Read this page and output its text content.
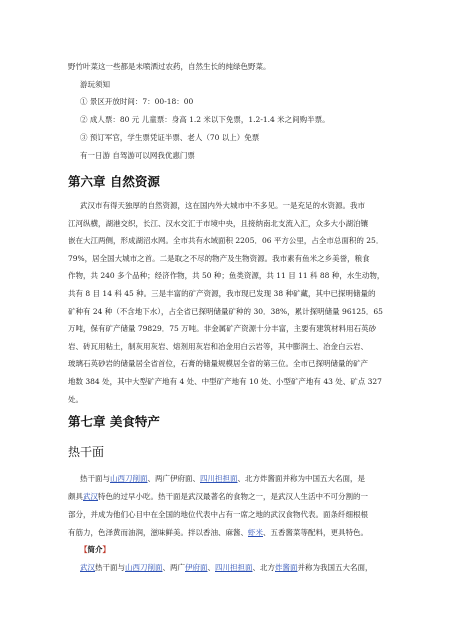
野竹叶菜这一些都是未喷洒过农药，自然生长的纯绿色野菜。
游玩须知
① 景区开放时间：7：00-18：00
② 成人票：80 元 儿童票：身高 1.2 米以下免票，1.2-1.4 米之间购半票。
③ 预订军官，学生票凭证半票、老人（70 以上）免票
有一日游 自驾游可以网我优惠门票
第六章 自然资源
武汉市有得天独厚的自然资源，这在国内外大城市中不多见。一是充足的水资源。我市
江河纵横，湖港交织，长江、汉水交汇于市境中央，且接纳南北支流入汇，众多大小湖泊镶
嵌在大江两侧，形成湖沼水网。全市共有水域面积 2205．06 平方公里，占全市总面积的 25．
79%，居全国大城市之首。二是取之不尽的物产及生物资源。我市素有鱼米之乡美誉，粮食
作物，共 240 多个品种；经济作物，共 50 种；鱼类资源，共 11 目 11 科 88 种，水生动物，
共有 8 目 14 科 45 种。三是丰富的矿产资源，我市现已发现 38 种矿藏，其中已探明储量的
矿种有 24 种（不含地下水），占全省已探明储量矿种的 30．38%，累计探明储量 96125．65
万吨，保有矿产储量 79829．75 万吨。非金属矿产资源十分丰富，主要有建筑材料用石英砂
岩、砖瓦用粘土，制灰用灰岩、熔剂用灰岩和冶金用白云岩等，其中膨润土、冶金白云岩、
玻璃石英砂岩的储量居全省首位，石膏的储量规模居全省的第三位。全市已探明储量的矿产
地数 384 处，其中大型矿产地有 4 处、中型矿产地有 10 处、小型矿产地有 43 处、矿点 327
处。
第七章 美食特产
热干面
热干面与山西刀削面、两广伊府面、四川担担面、北方炸酱面并称为中国五大名面，是
颇具武汉特色的过早小吃。热干面是武汉最著名的食物之一，是武汉人生活中不可分割的一
部分，并成为他们心目中在全国的地位代表中占有一席之地的武汉食物代表。面条纤细根根
有筋力，色泽黄而油润，滋味鲜美。拌以香油、麻酱、虾米、五香酱菜等配料，更具特色。
【简介】
武汉热干面与山西刀削面、两广伊府面、四川担担面、北方炸酱面并称为我国五大名面，
